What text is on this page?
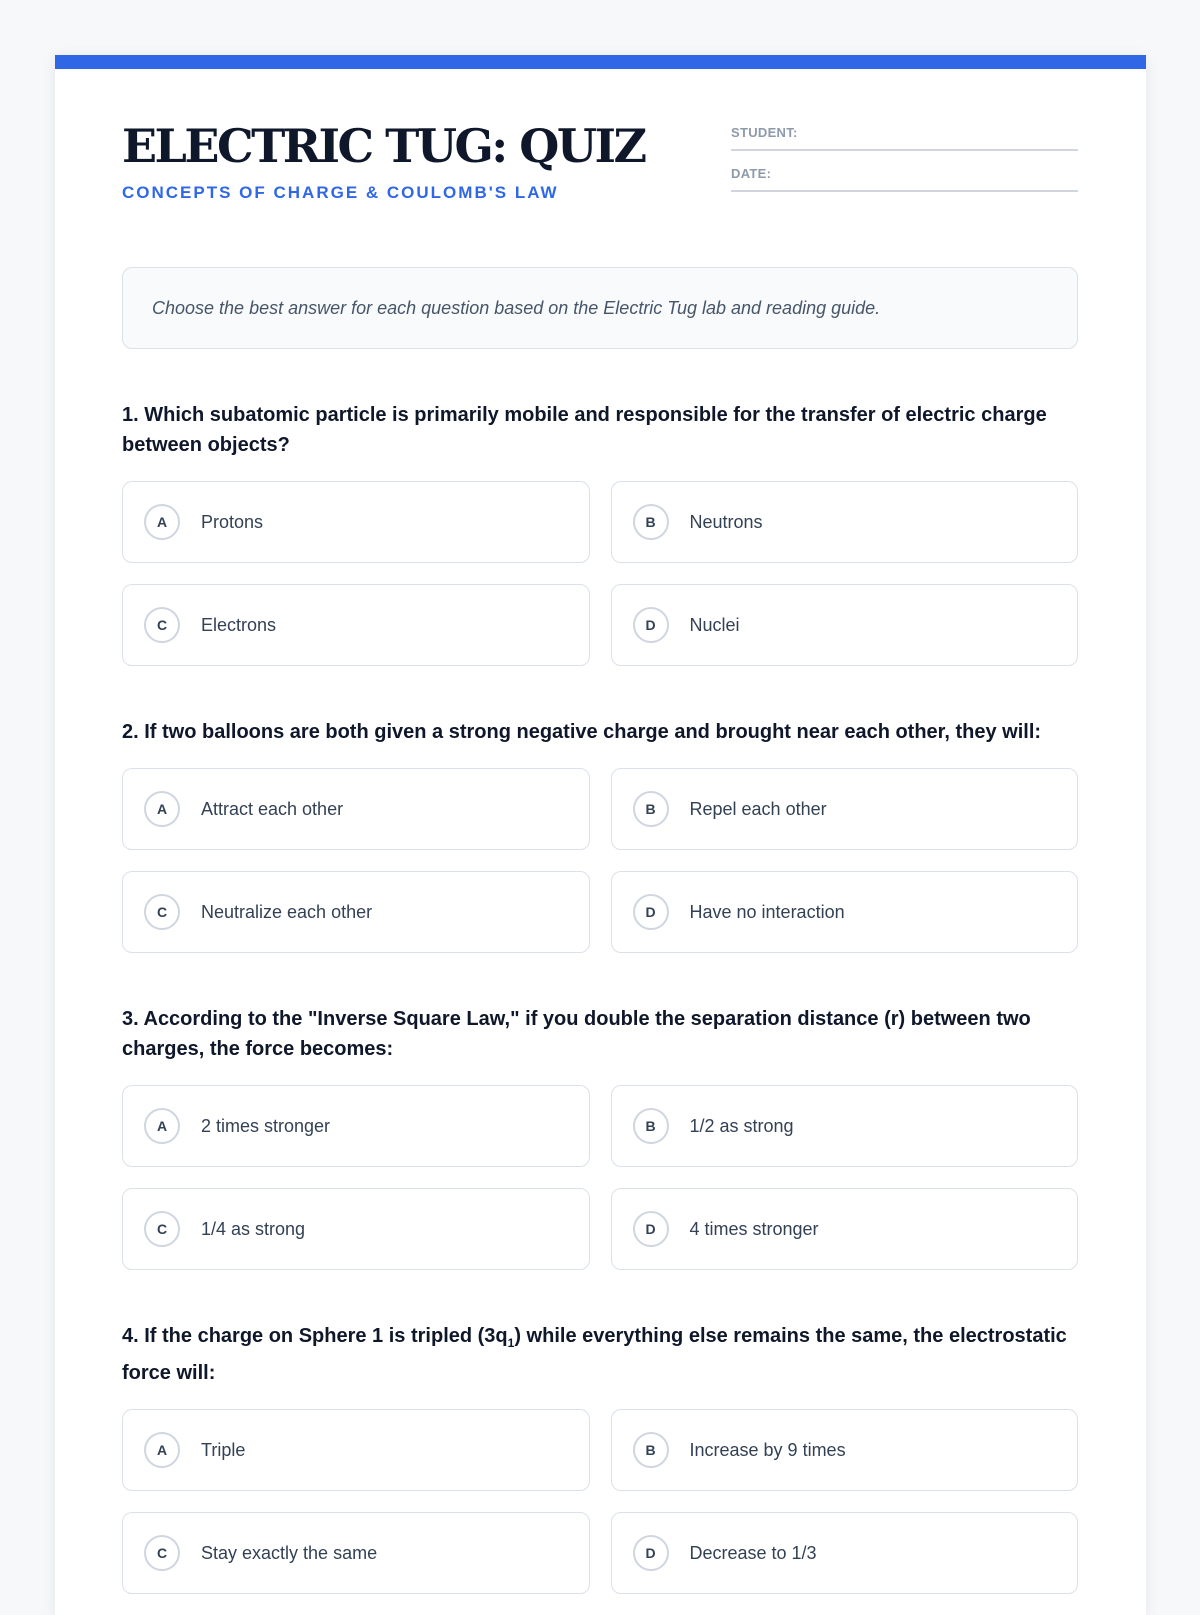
ELECTRIC TUG: QUIZ
CONCEPTS OF CHARGE & COULOMB'S LAW
STUDENT:
DATE:
Choose the best answer for each question based on the Electric Tug lab and reading guide.
1. Which subatomic particle is primarily mobile and responsible for the transfer of electric charge between objects?
A	Protons	B	Neutrons
C	Electrons	D	Nuclei
2. If two balloons are both given a strong negative charge and brought near each other, they will:
A	Attract each other	B	Repel each other
C	Neutralize each other	D	Have no interaction
3. According to the "Inverse Square Law," if you double the separation distance (r) between two charges, the force becomes:
A	2 times stronger	B	1/2 as strong
C	1/4 as strong	D	4 times stronger
4. If the charge on Sphere 1 is tripled $(3q_1)$ while everything else remains the same, the electrostatic force will:
A	Triple	B	Increase by 9 times
C	Stay exactly the same	D	Decrease to 1/3
